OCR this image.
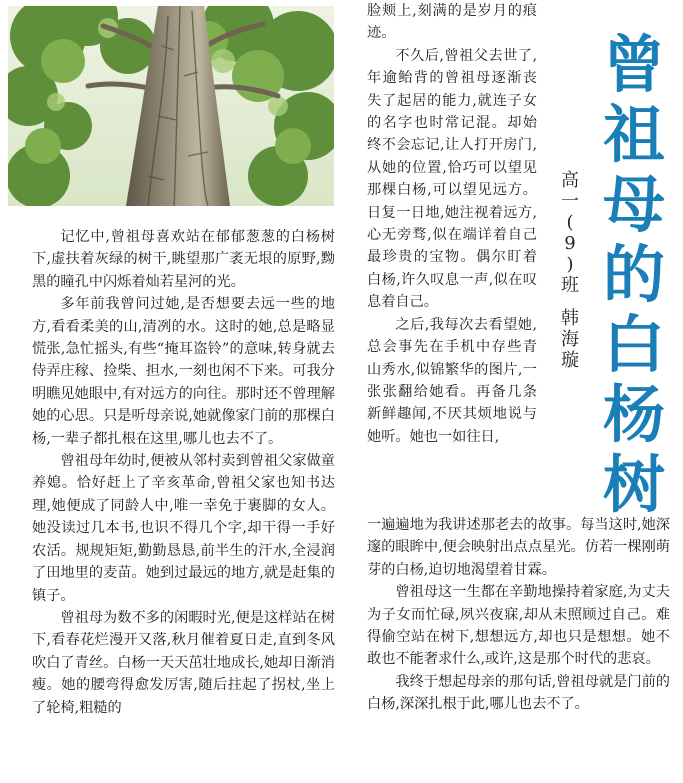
记忆中,曾祖母喜欢站在郁郁葱葱的白杨树下,虚扶着灰绿的树干,眺望那广袤无垠的原野,黝黑的瞳孔中闪烁着灿若星河的光。

多年前我曾问过她,是否想要去远一些的地方,看看柔美的山,清冽的水。这时的她,总是略显慌张,急忙摇头,有些“掩耳盗铃”的意味,转身就去侍弄庄稼、捡柴、担水,一刻也闲不下来。可我分明瞧见她眼中,有对远方的向往。那时还不曾理解她的心思。只是听母亲说,她就像家门前的那棵白杨,一辈子都扎根在这里,哪儿也去不了。

曾祖母年幼时,便被从邻村卖到曾祖父家做童养媳。恰好赶上了辛亥革命,曾祖父家也知书达理,她便成了同龄人中,唯一幸免于裹脚的女人。她没读过几本书,也识不得几个字,却干得一手好农活。规规矩矩,勤勤恳恳,前半生的汗水,全浸润了田地里的麦苗。她到过最远的地方,就是赶集的镇子。

曾祖母为数不多的闲暇时光,便是这样站在树下,看春花烂漫开又落,秋月催着夏日走,直到冬风吹白了青丝。白杨一天天茁壮地成长,她却日渐消瘦。她的腰弯得愈发厉害,随后拄起了拐杖,坐上了轮椅,粗糙的

脸颊上,刻满的是岁月的痕迹。

不久后,曾祖父去世了,年逾鲐背的曾祖母逐渐丧失了起居的能力,就连子女的名字也时常记混。却始终不会忘记,让人打开房门,从她的位置,恰巧可以望见那棵白杨,可以望见远方。日复一日地,她注视着远方,心无旁骛,似在端详着自己最珍贵的宝物。偶尔盯着白杨,许久叹息一声,似在叹息着自己。

之后,我每次去看望她,总会事先在手机中存些青山秀水,似锦繁华的图片,一张张翻给她看。再备几条新鲜趣闻,不厌其烦地说与她听。她也一如往日,

一遍遍地为我讲述那老去的故事。每当这时,她深邃的眼眸中,便会映射出点点星光。仿若一棵刚萌芽的白杨,迫切地渴望着甘霖。

曾祖母这一生都在辛勤地操持着家庭,为丈夫为子女而忙碌,夙兴夜寐,却从未照顾过自己。难得偷空站在树下,想想远方,却也只是想想。她不敢也不能奢求什么,或许,这是那个时代的悲哀。

我终于想起母亲的那句话,曾祖母就是门前的白杨,深深扎根于此,哪儿也去不了。

曾
祖
母
的
白
杨
树
高
一
(
9
)
班
韩
海
璇
